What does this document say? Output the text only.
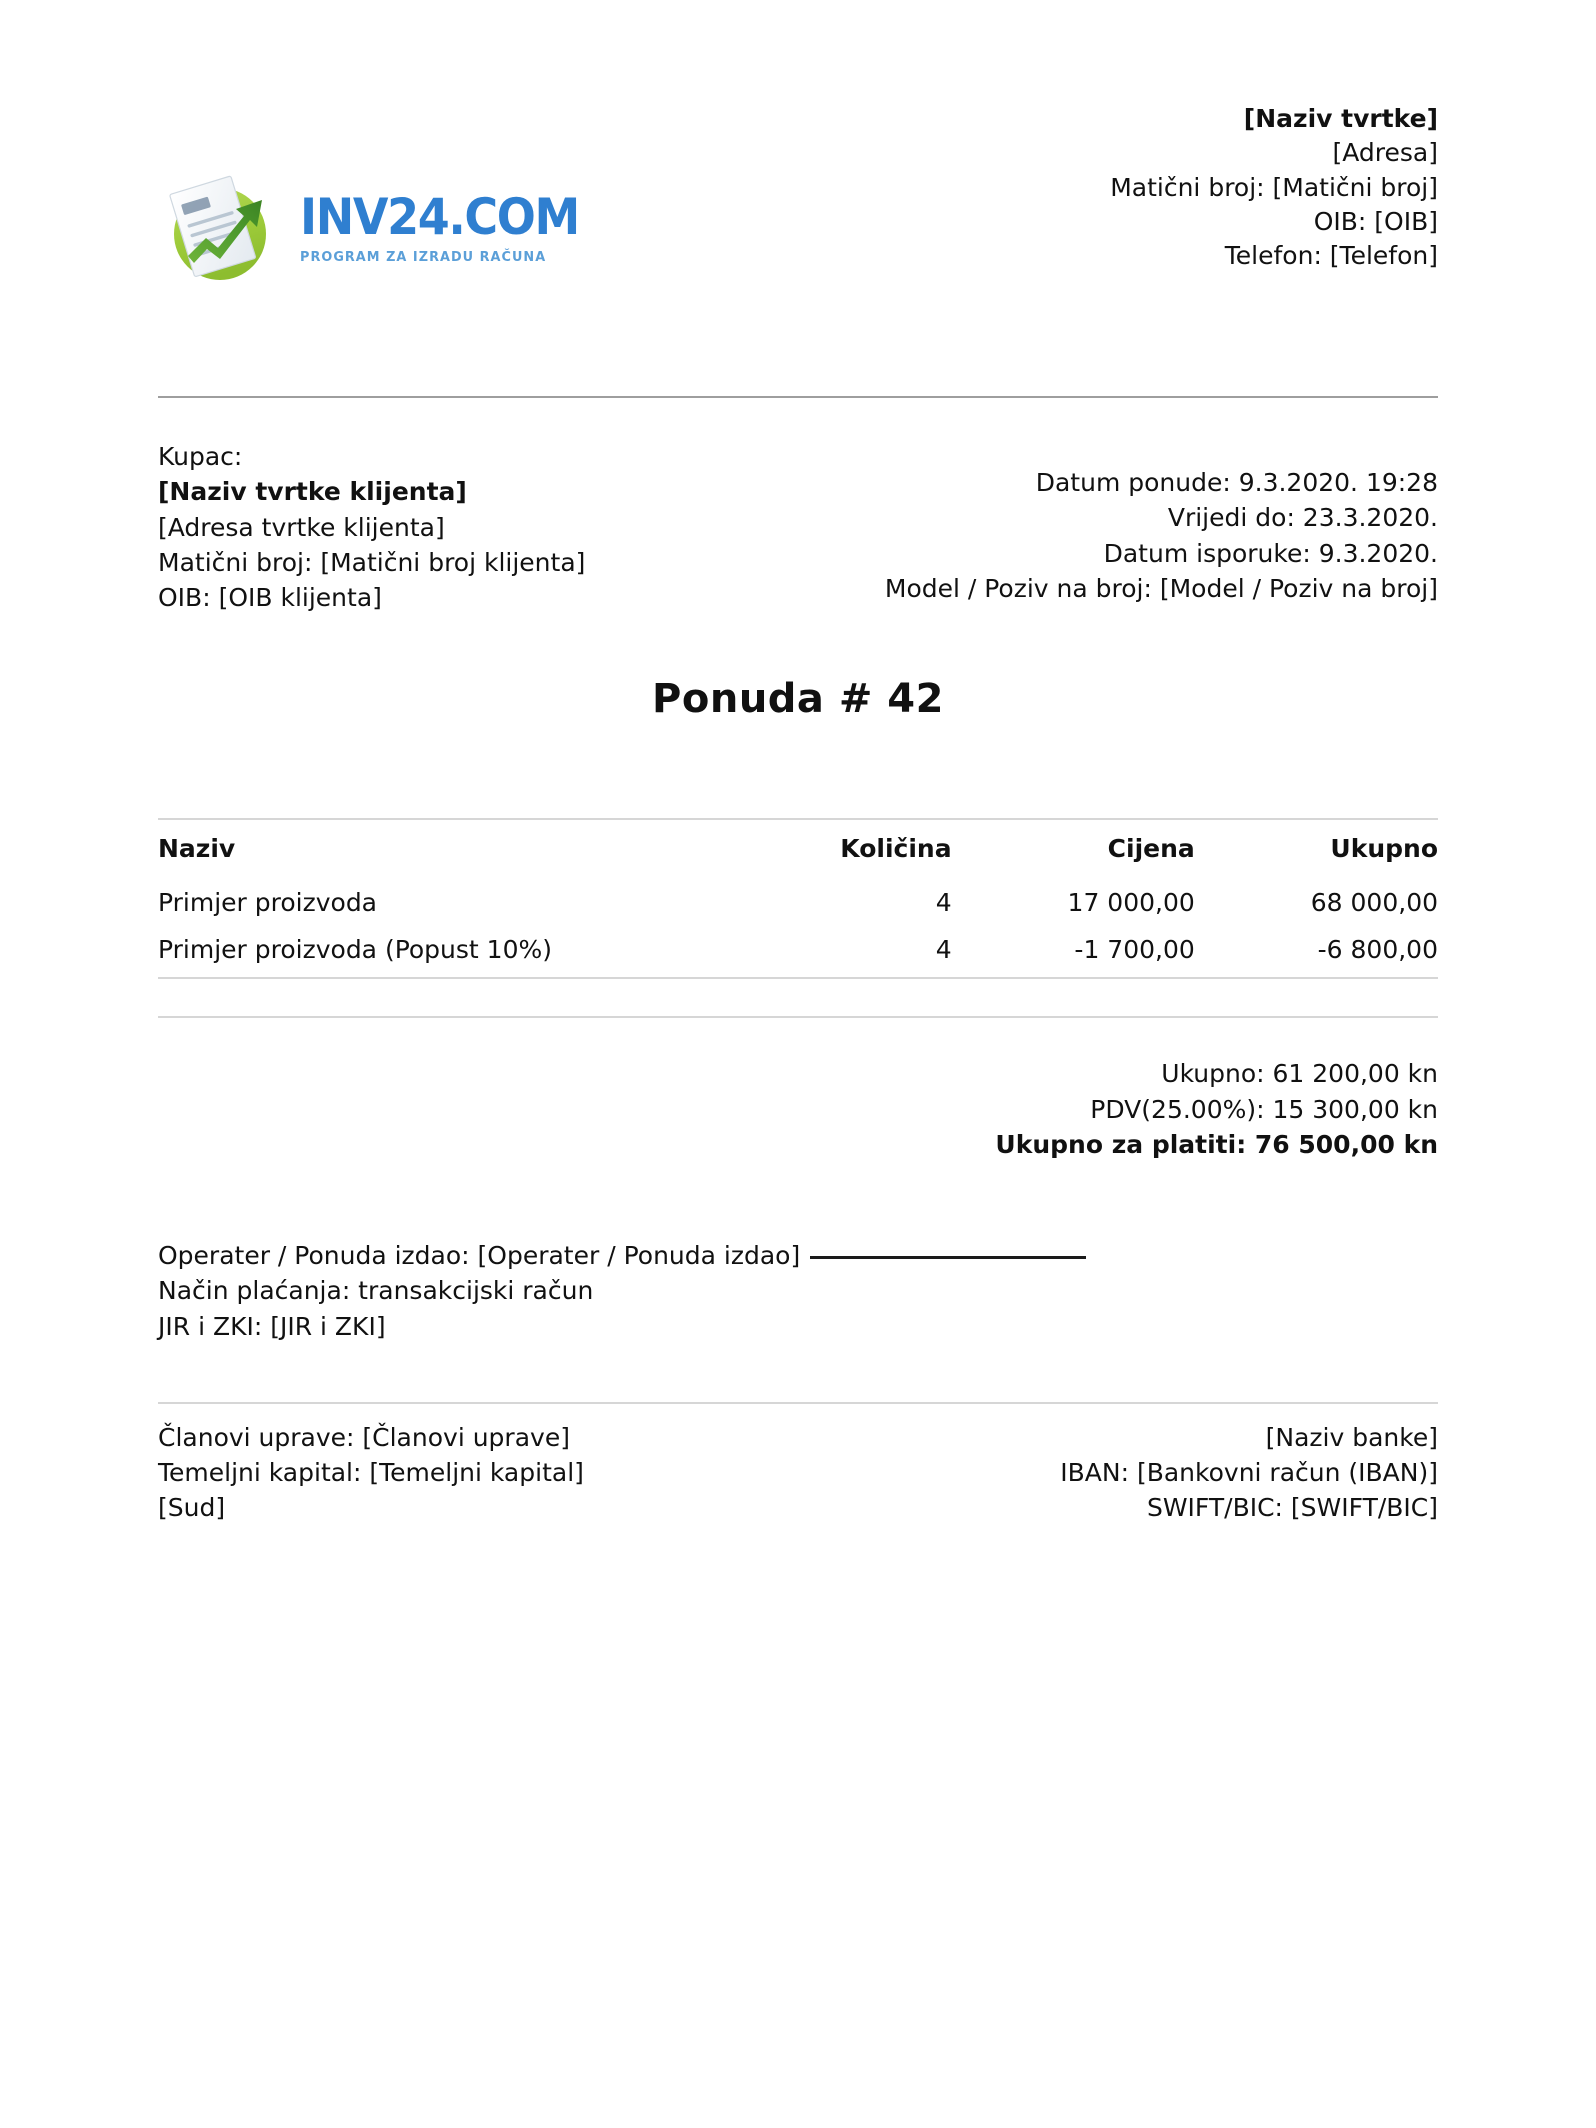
INV24.COM
PROGRAM ZA IZRADU RAČUNA
[Naziv tvrtke]
[Adresa]
Matični broj: [Matični broj]
OIB: [OIB]
Telefon: [Telefon]
Kupac:
[Naziv tvrtke klijenta]
[Adresa tvrtke klijenta]
Matični broj: [Matični broj klijenta]
OIB: [OIB klijenta]
Datum ponude: 9.3.2020. 19:28
Vrijedi do: 23.3.2020.
Datum isporuke: 9.3.2020.
Model / Poziv na broj: [Model / Poziv na broj]
Ponuda # 42
Naziv	Količina	Cijena	Ukupno
Primjer proizvoda	4	17 000,00	68 000,00
Primjer proizvoda (Popust 10%)	4	-1 700,00	-6 800,00
Ukupno: 61 200,00 kn
PDV(25.00%): 15 300,00 kn
Ukupno za platiti: 76 500,00 kn
Operater / Ponuda izdao: [Operater / Ponuda izdao]
Način plaćanja: transakcijski račun
JIR i ZKI: [JIR i ZKI]
Članovi uprave: [Članovi uprave]
Temeljni kapital: [Temeljni kapital]
[Sud]
[Naziv banke]
IBAN: [Bankovni račun (IBAN)]
SWIFT/BIC: [SWIFT/BIC]
